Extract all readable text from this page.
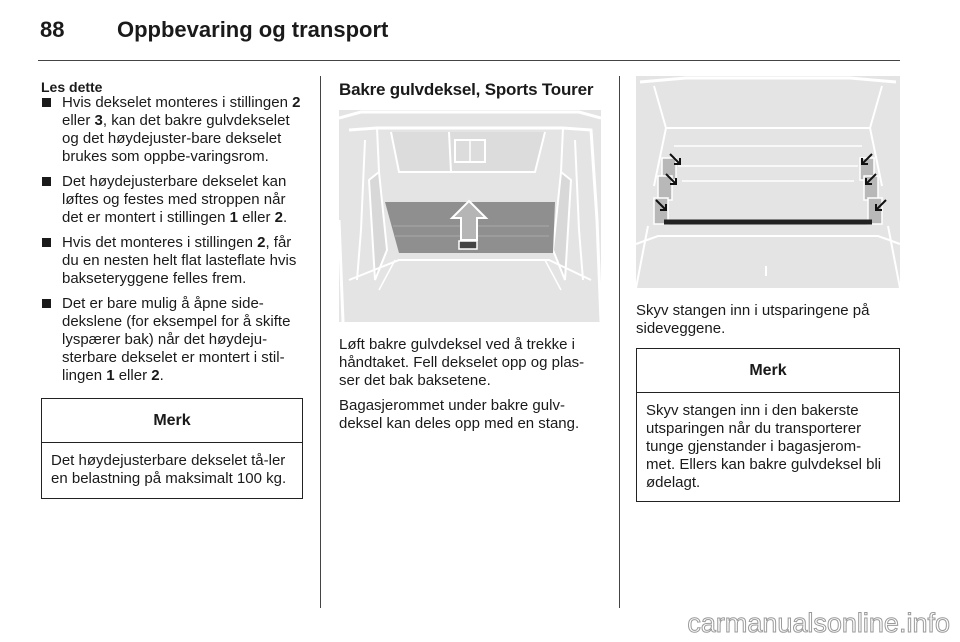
88 Oppbevaring og transport
Les dette
Hvis dekselet monteres i stillingen 2 eller 3, kan det bakre gulvdekselet og det høydejuster-bare dekselet brukes som oppbe-varingsrom.
Det høydejusterbare dekselet kan løftes og festes med stroppen når det er montert i stillingen 1 eller 2.
Hvis det monteres i stillingen 2, får du en nesten helt flat lasteflate hvis bakseteryggene felles frem.
Det er bare mulig å åpne side-dekslene (for eksempel for å skifte lyspærer bak) når det høydeju-sterbare dekselet er montert i stil-lingen 1 eller 2.
Merk
Det høydejusterbare dekselet tå-ler en belastning på maksimalt 100 kg.
Bakre gulvdeksel, Sports Tourer

Løft bakre gulvdeksel ved å trekke i håndtaket. Fell dekselet opp og plas-ser det bak baksetene.

Bagasjerommet under bakre gulv-deksel kan deles opp med en stang.

Skyv stangen inn i utsparingene på sideveggene.

Merk
Skyv stangen inn i den bakerste utsparingen når du transporterer tunge gjenstander i bagasjerom-met. Ellers kan bakre gulvdeksel bli ødelagt.
carmanualsonline.info
